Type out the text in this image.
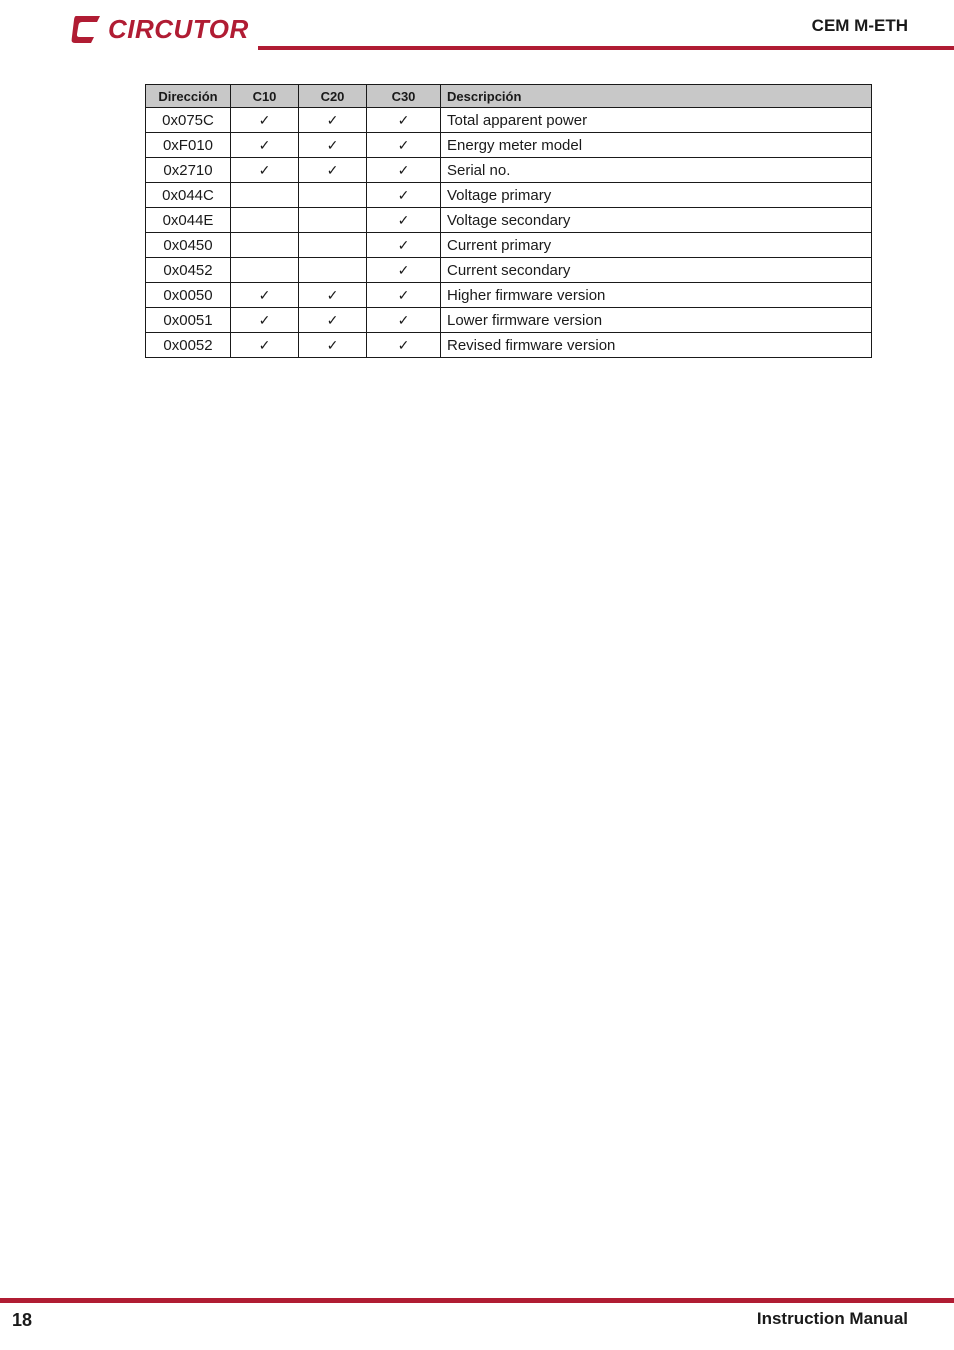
CIRCUTOR	CEM M-ETH
Dirección	C10	C20	C30	Descripción
0x075C	✓	✓	✓	Total apparent power
0xF010	✓	✓	✓	Energy meter model
0x2710	✓	✓	✓	Serial no.
0x044C			✓	Voltage primary
0x044E			✓	Voltage secondary
0x0450			✓	Current primary
0x0452			✓	Current secondary
0x0050	✓	✓	✓	Higher firmware version
0x0051	✓	✓	✓	Lower firmware version
0x0052	✓	✓	✓	Revised firmware version
18	Instruction Manual
